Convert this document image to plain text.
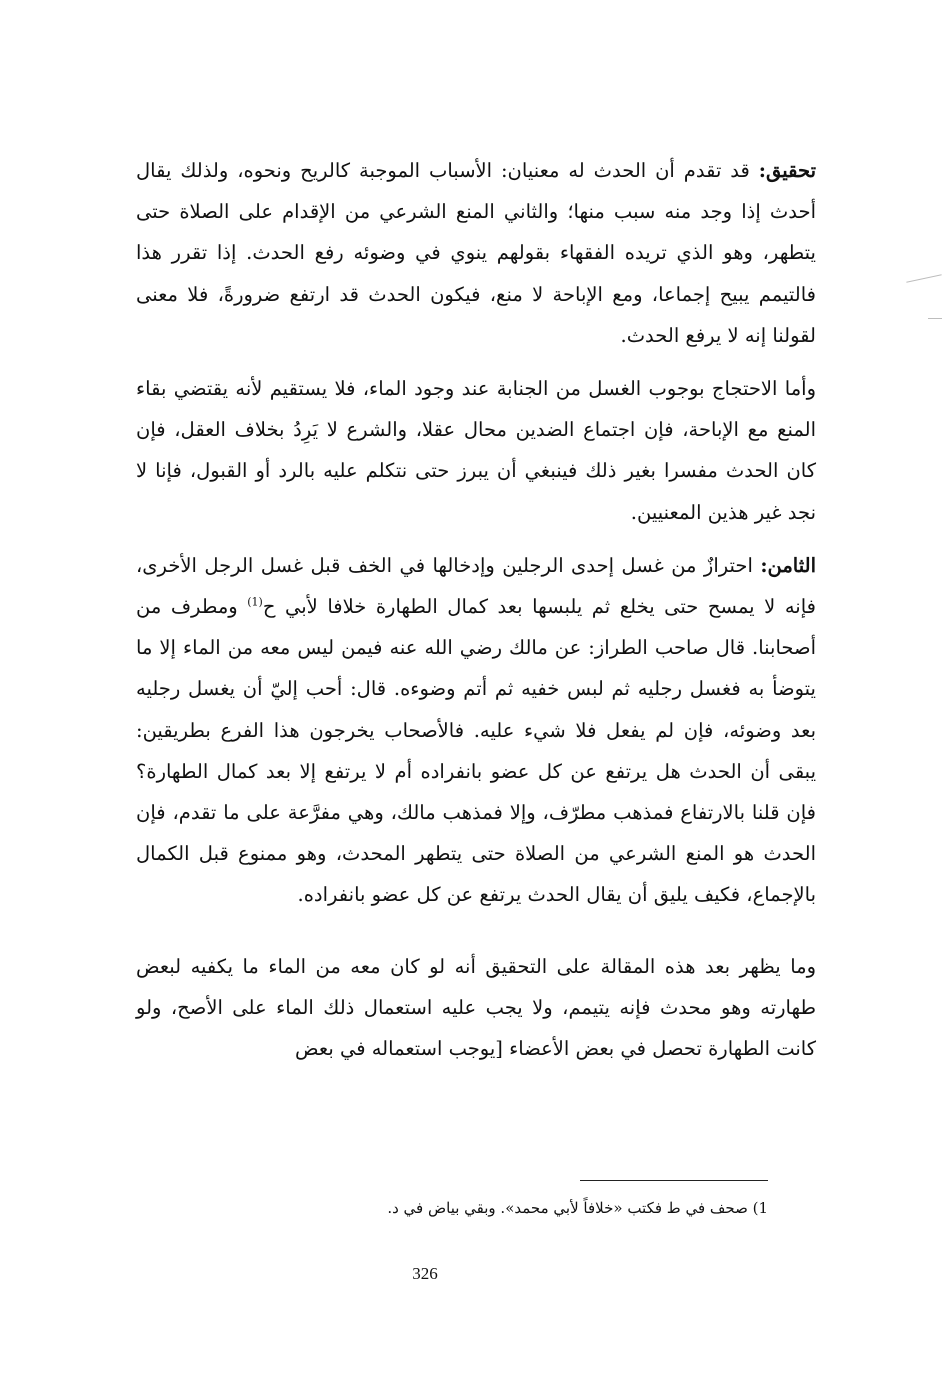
تحقيق: قد تقدم أن الحدث له معنيان: الأسباب الموجبة كالريح ونحوه، ولذلك يقال أحدث إذا وجد منه سبب منها؛ والثاني المنع الشرعي من الإقدام على الصلاة حتى يتطهر، وهو الذي تريده الفقهاء بقولهم ينوي في وضوئه رفع الحدث. إذا تقرر هذا فالتيمم يبيح إجماعا، ومع الإباحة لا منع، فيكون الحدث قد ارتفع ضرورةً، فلا معنى لقولنا إنه لا يرفع الحدث.

وأما الاحتجاج بوجوب الغسل من الجنابة عند وجود الماء، فلا يستقيم لأنه يقتضي بقاء المنع مع الإباحة، فإن اجتماع الضدين محال عقلا، والشرع لا يَرِدُ بخلاف العقل، فإن كان الحدث مفسرا بغير ذلك فينبغي أن يبرز حتى نتكلم عليه بالرد أو القبول، فإنا لا نجد غير هذين المعنيين.

الثامن: احترازٌ من غسل إحدى الرجلين وإدخالها في الخف قبل غسل الرجل الأخرى، فإنه لا يمسح حتى يخلع ثم يلبسها بعد كمال الطهارة خلافا لأبي ح$^{(1)}$ ومطرف من أصحابنا. قال صاحب الطراز: عن مالك رضي الله عنه فيمن ليس معه من الماء إلا ما يتوضأ به فغسل رجليه ثم لبس خفيه ثم أتم وضوءه. قال: أحب إليّ أن يغسل رجليه بعد وضوئه، فإن لم يفعل فلا شيء عليه. فالأصحاب يخرجون هذا الفرع بطريقين: يبقى أن الحدث هل يرتفع عن كل عضو بانفراده أم لا يرتفع إلا بعد كمال الطهارة؟ فإن قلنا بالارتفاع فمذهب مطرّف، وإلا فمذهب مالك، وهي مفرَّعة على ما تقدم، فإن الحدث هو المنع الشرعي من الصلاة حتى يتطهر المحدث، وهو ممنوع قبل الكمال بالإجماع، فكيف يليق أن يقال الحدث يرتفع عن كل عضو بانفراده.

وما يظهر بعد هذه المقالة على التحقيق أنه لو كان معه من الماء ما يكفيه لبعض طهارته وهو محدث فإنه يتيمم، ولا يجب عليه استعمال ذلك الماء على الأصح، ولو كانت الطهارة تحصل في بعض الأعضاء [يوجب استعماله في بعض

1) صحف في ط فكتب «خلافاً لأبي محمد». وبقي بياض في د.
326
